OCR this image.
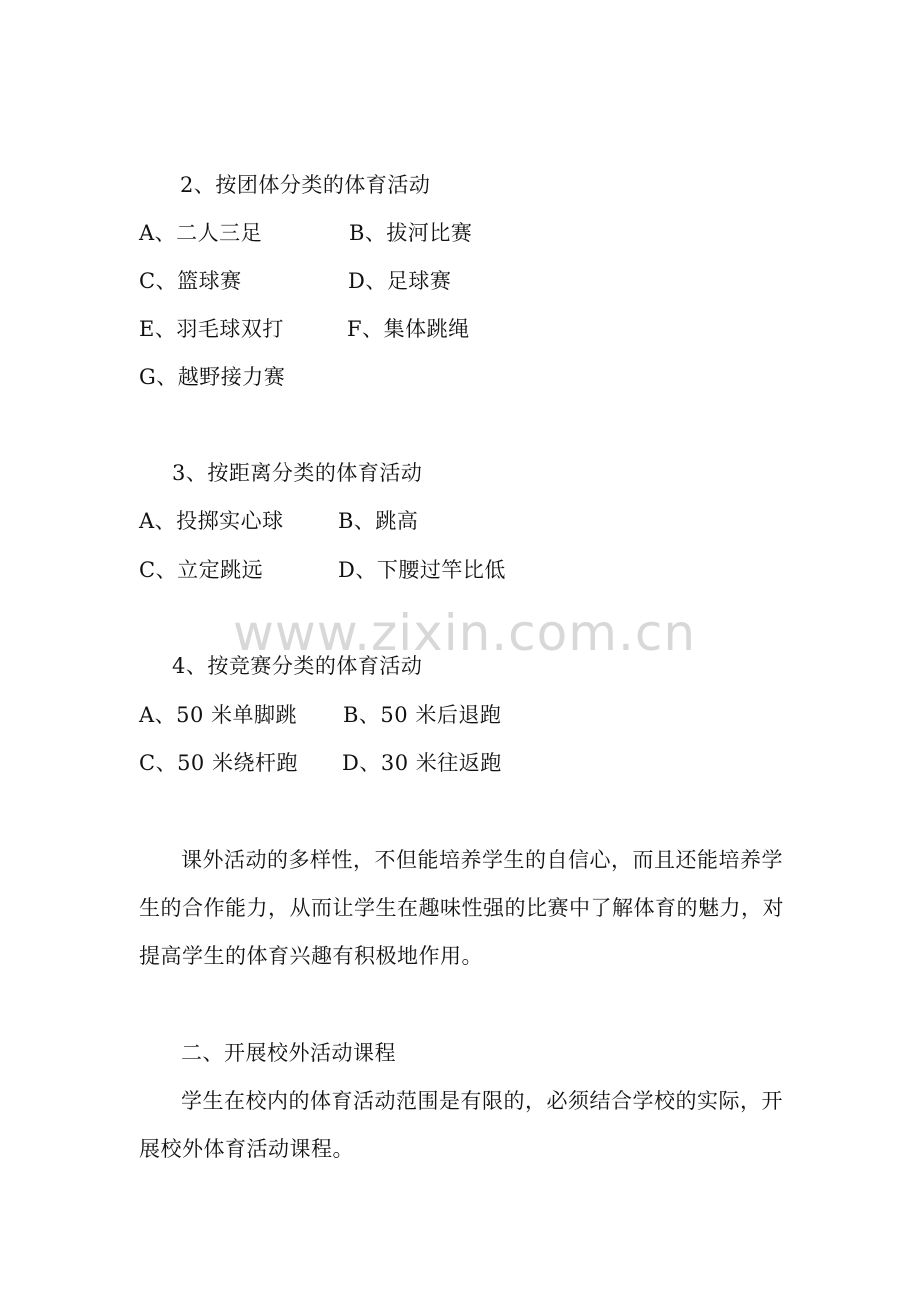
2、按团体分类的体育活动
A、二人三足	B、拔河比赛
C、篮球赛	D、足球赛
E、羽毛球双打	F、集体跳绳
G、越野接力赛
3、按距离分类的体育活动
A、投掷实心球	B、跳高
C、立定跳远	D、下腰过竿比低
www.zixin.com.cn
4、按竞赛分类的体育活动
A、50 米单脚跳 B、50 米后退跑
C、50 米绕杆跑 D、30 米往返跑
课外活动的多样性，不但能培养学生的自信心，而且还能培养学
生的合作能力，从而让学生在趣味性强的比赛中了解体育的魅力，对
提高学生的体育兴趣有积极地作用。
二、开展校外活动课程
学生在校内的体育活动范围是有限的，必须结合学校的实际，开
展校外体育活动课程。
